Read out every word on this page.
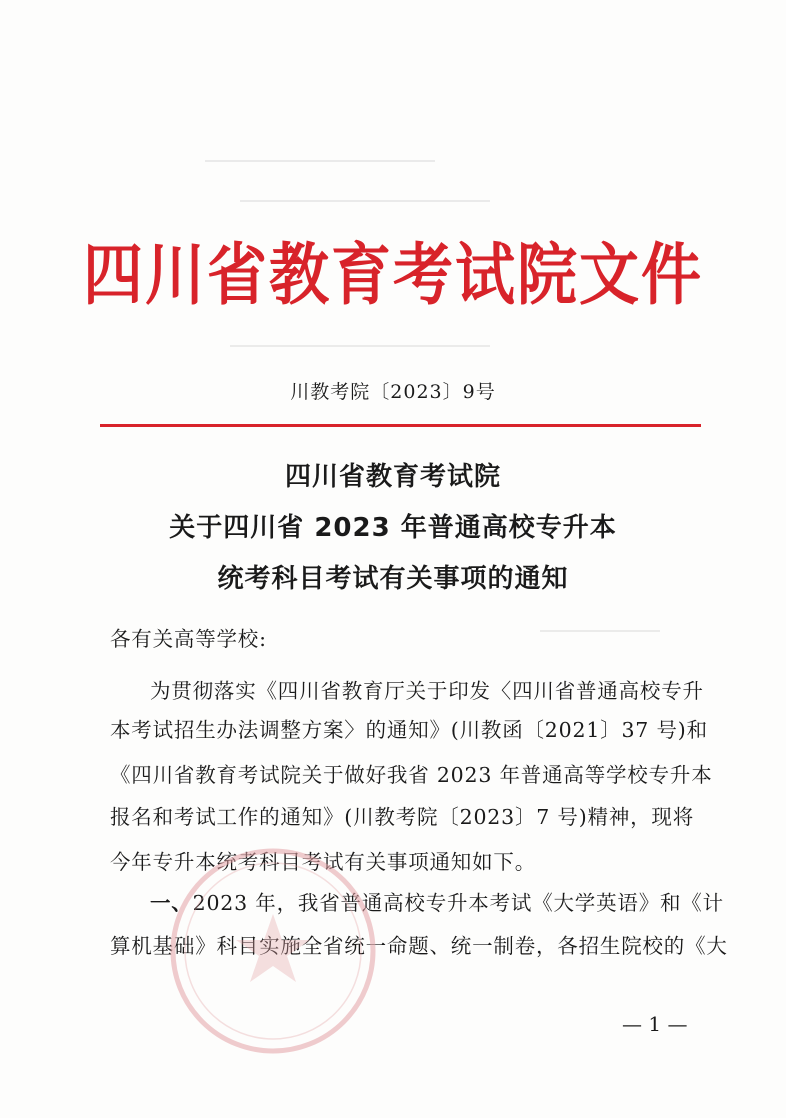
四川省教育考试院文件
川教考院〔2023〕9号
四川省教育考试院
关于四川省 2023 年普通高校专升本
统考科目考试有关事项的通知
各有关高等学校:
为贯彻落实《四川省教育厅关于印发〈四川省普通高校专升
本考试招生办法调整方案〉的通知》(川教函〔2021〕37 号)和
《四川省教育考试院关于做好我省 2023 年普通高等学校专升本
报名和考试工作的通知》(川教考院〔2023〕7 号)精神，现将
今年专升本统考科目考试有关事项通知如下。
一、2023 年，我省普通高校专升本考试《大学英语》和《计
算机基础》科目实施全省统一命题、统一制卷，各招生院校的《大
— 1 —
